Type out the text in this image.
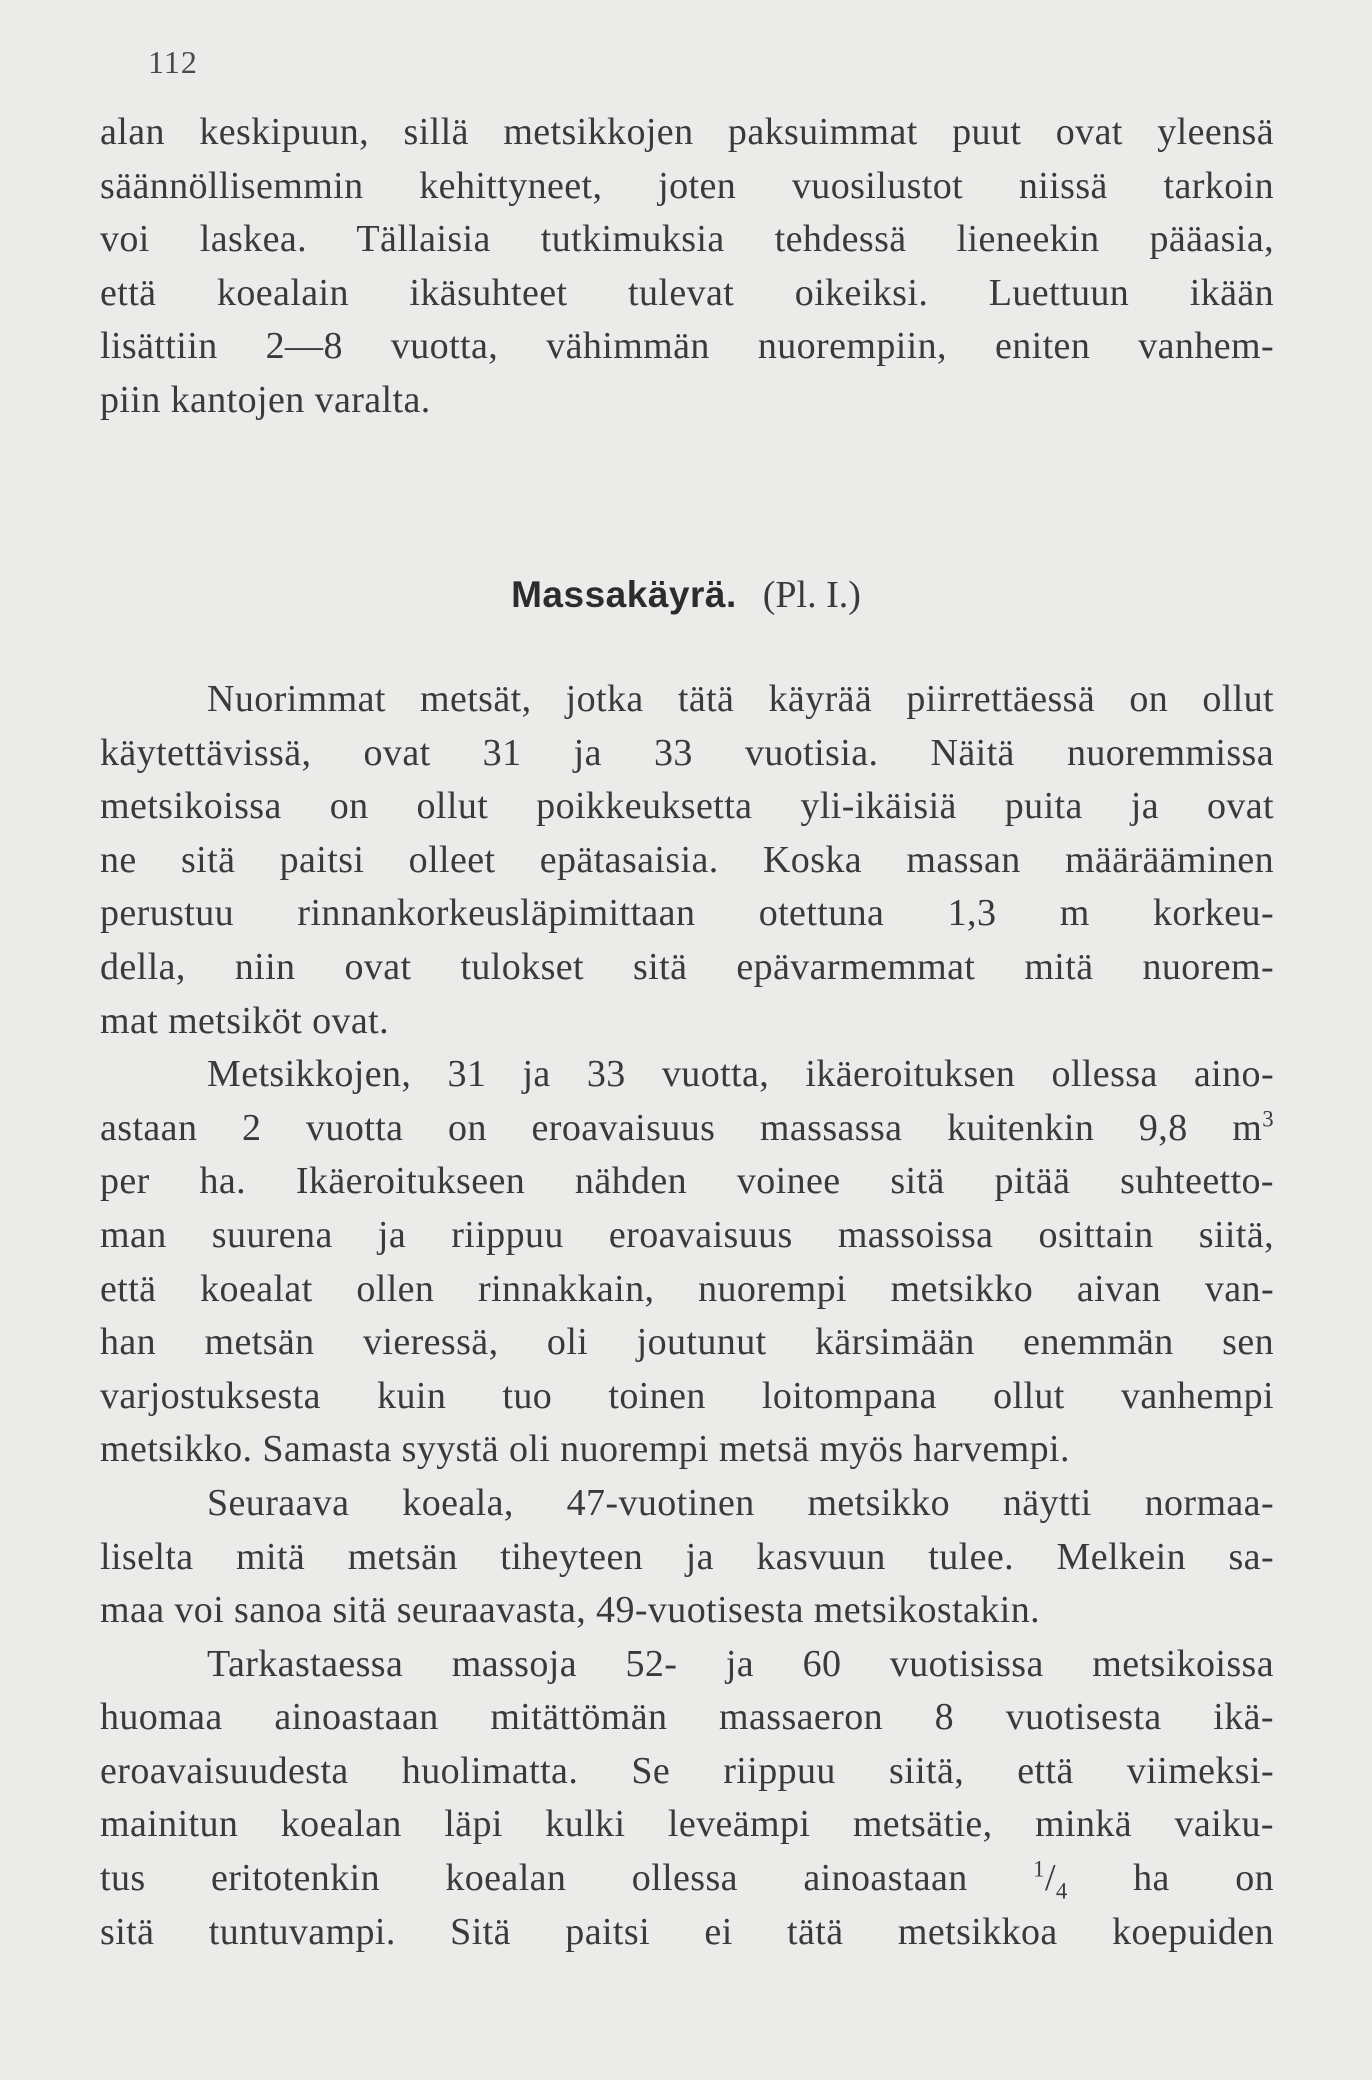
112
alan keskipuun, sillä metsikkojen paksuimmat puut ovat yleensä
säännöllisemmin kehittyneet, joten vuosilustot niissä tarkoin
voi laskea. Tällaisia tutkimuksia tehdessä lieneekin pääasia,
että koealain ikäsuhteet tulevat oikeiksi. Luettuun ikään
lisättiin 2—8 vuotta, vähimmän nuorempiin, eniten vanhem-
piin kantojen varalta.
Massakäyrä. (Pl. I.)
Nuorimmat metsät, jotka tätä käyrää piirrettäessä on ollut
käytettävissä, ovat 31 ja 33 vuotisia. Näitä nuoremmissa
metsikoissa on ollut poikkeuksetta yli-ikäisiä puita ja ovat
ne sitä paitsi olleet epätasaisia. Koska massan määrääminen
perustuu rinnankorkeusläpimittaan otettuna 1,3 m korkeu-
della, niin ovat tulokset sitä epävarmemmat mitä nuorem-
mat metsiköt ovat.
Metsikkojen, 31 ja 33 vuotta, ikäeroituksen ollessa aino-
astaan 2 vuotta on eroavaisuus massassa kuitenkin 9,8 $m^3$
per ha. Ikäeroitukseen nähden voinee sitä pitää suhteetto-
man suurena ja riippuu eroavaisuus massoissa osittain siitä,
että koealat ollen rinnakkain, nuorempi metsikko aivan van-
han metsän vieressä, oli joutunut kärsimään enemmän sen
varjostuksesta kuin tuo toinen loitompana ollut vanhempi
metsikko. Samasta syystä oli nuorempi metsä myös harvempi.
Seuraava koeala, 47-vuotinen metsikko näytti normaa-
liselta mitä metsän tiheyteen ja kasvuun tulee. Melkein sa-
maa voi sanoa sitä seuraavasta, 49-vuotisesta metsikostakin.
Tarkastaessa massoja 52- ja 60 vuotisissa metsikoissa
huomaa ainoastaan mitättömän massaeron 8 vuotisesta ikä-
eroavaisuudesta huolimatta. Se riippuu siitä, että viimeksi-
mainitun koealan läpi kulki leveämpi metsätie, minkä vaiku-
tus eritotenkin koealan ollessa ainoastaan	$^1/_4$ ha on
sitä tuntuvampi. Sitä paitsi ei tätä metsikkoa koepuiden
